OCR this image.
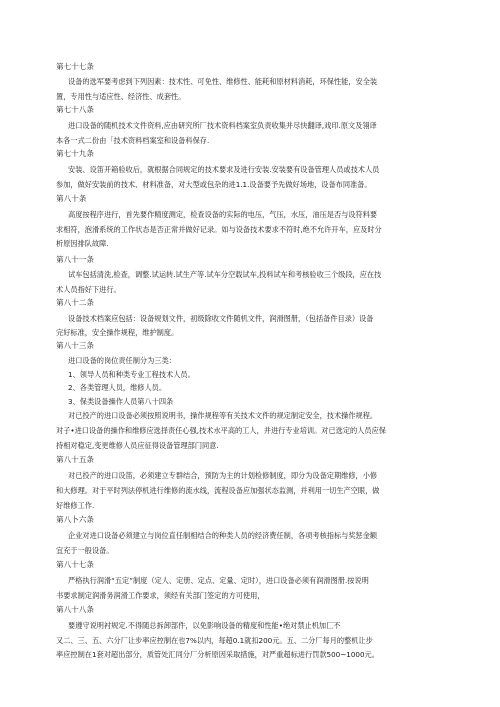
第七十七条

设备的选军要考虑到下列因素：技术性、可免性、维修性、能耗和原材料消耗，环保性能，安全装

置，专用性与适应性、经济性、成套性。

第七十八条

进口设备的随机技术文件资料,应由研究所厂技术资料档案室负责收集并尽快翻译,戏印.原文及翎译

本各一式二份由「技术资料档案室和设备科保存.

第七十九条

安装、设笛开箱验收后，就根据合同规定的技术要求及进行安装.安装要有设备管理人员或技术人员

参加，做好安装前的技术、材料准备，对大型或包杂的进1.1.设备要予先做好场地，设备布同准备。

第八十条

高度按程序进行，首先要作精度测定，检查设备的实际的电压，气压，水压，油压是否与设符料要

求相符，泡滑系统的工作状态是否正常并做好记录。如与设备技术要求不符时,绝不允许开车，应及时分

析原因排队故障.

第八十一条

试车包括清洗,检查，调整.试运转.试生产等.试车分空载试车,投料试车和考核验收三个级段，应在技

术人员指好下进行。

第八十二条

设备技术档案应包括：设备规划文件，初级除收文件随机文件，润滑图册，（包括备件目录）设备

完好标准，安全操作规程，维护制度。

第八十三条

进口设备的岗位责任制分为三类：

1、领导人员和种类专业工程技术人员。

2、各类管理人员，维修人员。

3、保类设备操作人员第八十四条

对已投产的进口设备必须按照说明书，操作规程等有关技术文件的规定制定安全，技术操作规程。

对子•进口设备的操作和维修应选择责任心强,技术水平高的工人，并进行专业培训。对已选定的人员应保

持相对稳定,变更维修人员应征得设备管理部门同意.

第八十五条

对已投产的进口设笛，必须建立专群结合，预防为主的计划检修制度，即分为设备定期维修，小修

和大修理。对于平时列法停机进行维修的流水线，流程设备应加强状态监测，并利用一切生产空眼，做

好维修工作.

第八卜六条

企业对进口设备必须建立与岗位直任制相结合的种类人员的经济费任制，各项考核指标与奖惩金额

宜充于一般设备。

第八十七条

严格执行润滑“五定”制度（定人、定册、定点、定量、定时），进口设备必须有润滑图册.按说明

书要求制定润滑务润滑工作要求，须经有关部门签定的方可使用，

第八十八条

要遵守说明衬规定.不得随总拆卸部件，以免影响设备的精度和性能•绝对禁止机加匚不

又二、三、五、六分厂让步率应控制在也7%以内，每超0.1就扣200元。五、二分厂每月的整机让步

率应控制在1套对超出部分，质管处汇同分厂分析原因采取措施，对严重超标进行罚款500~1000元。
